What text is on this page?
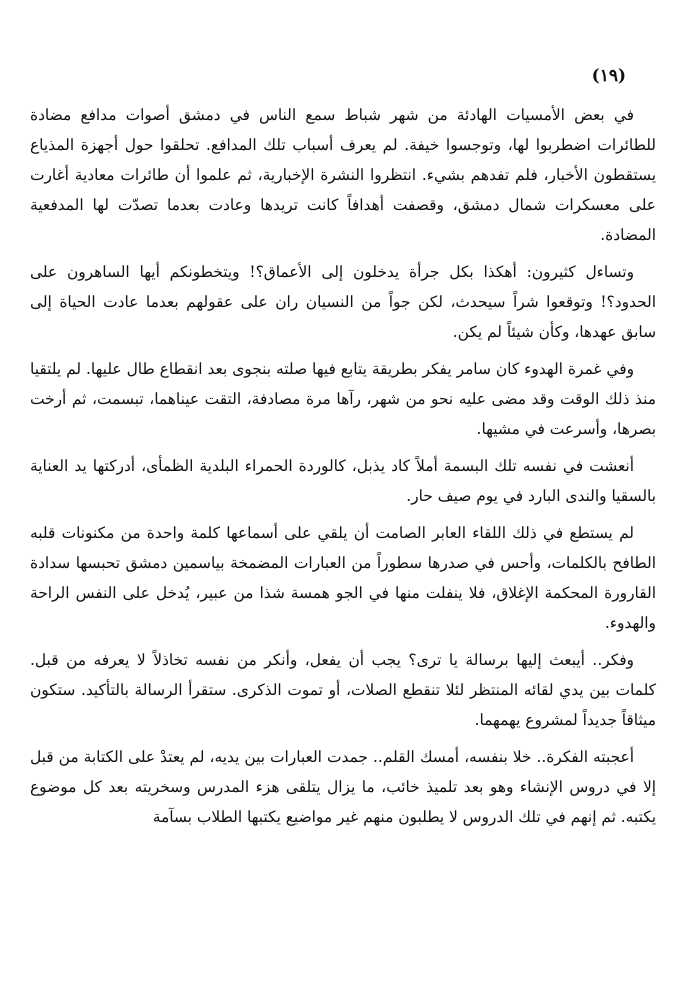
(١٩)

في بعض الأمسيات الهادئة من شهر شباط سمع الناس في دمشق أصوات مدافع مضادة للطائرات اضطربوا لها، وتوجسوا خيفة. لم يعرف أسباب تلك المدافع. تحلقوا حول أجهزة المذياع يستقطون الأخبار، فلم تفدهم بشيء. انتظروا النشرة الإخبارية، ثم علموا أن طائرات معادية أغارت على معسكرات شمال دمشق، وقصفت أهدافاً كانت تريدها وعادت بعدما تصدّت لها المدفعية المضادة.

وتساءل كثيرون: أهكذا بكل جرأة يدخلون إلى الأعماق؟! ويتخطونكم أيها الساهرون على الحدود؟! وتوقعوا شراً سيحدث، لكن جواً من النسيان ران على عقولهم بعدما عادت الحياة إلى سابق عهدها، وكأن شيئاً لم يكن.

وفي غمرة الهدوء كان سامر يفكر بطريقة يتابع فيها صلته بنجوى بعد انقطاع طال عليها. لم يلتقيا منذ ذلك الوقت وقد مضى عليه نحو من شهر، رآها مرة مصادفة، التقت عيناهما، تبسمت، ثم أرخت بصرها، وأسرعت في مشيها.

أنعشت في نفسه تلك البسمة أملاً كاد يذبل، كالوردة الحمراء البلدية الظمأى، أدركتها يد العناية بالسقيا والندى البارد في يوم صيف حار.

لم يستطع في ذلك اللقاء العابر الصامت أن يلقي على أسماعها كلمة واحدة من مكنونات قلبه الطافح بالكلمات، وأحس في صدرها سطوراً من العبارات المضمخة بياسمين دمشق تحبسها سدادة القارورة المحكمة الإغلاق، فلا ينفلت منها في الجو همسة شذا من عبير، يُدخل على النفس الراحة والهدوء.

وفكر.. أيبعث إليها برسالة يا ترى؟ يجب أن يفعل، وأنكر من نفسه تخاذلاً لا يعرفه من قبل. كلمات بين يدي لقائه المنتظر لئلا تنقطع الصلات، أو تموت الذكرى. ستقرأ الرسالة بالتأكيد. ستكون ميثاقاً جديداً لمشروع يهمهما.

أعجبته الفكرة.. خلا بنفسه، أمسك القلم.. جمدت العبارات بين يديه، لم يعتدْ على الكتابة من قبل إلا في دروس الإنشاء وهو بعد تلميذ خائب، ما يزال يتلقى هزء المدرس وسخريته بعد كل موضوع يكتبه. ثم إنهم في تلك الدروس لا يطلبون منهم غير مواضيع يكتبها الطلاب بسآمة
